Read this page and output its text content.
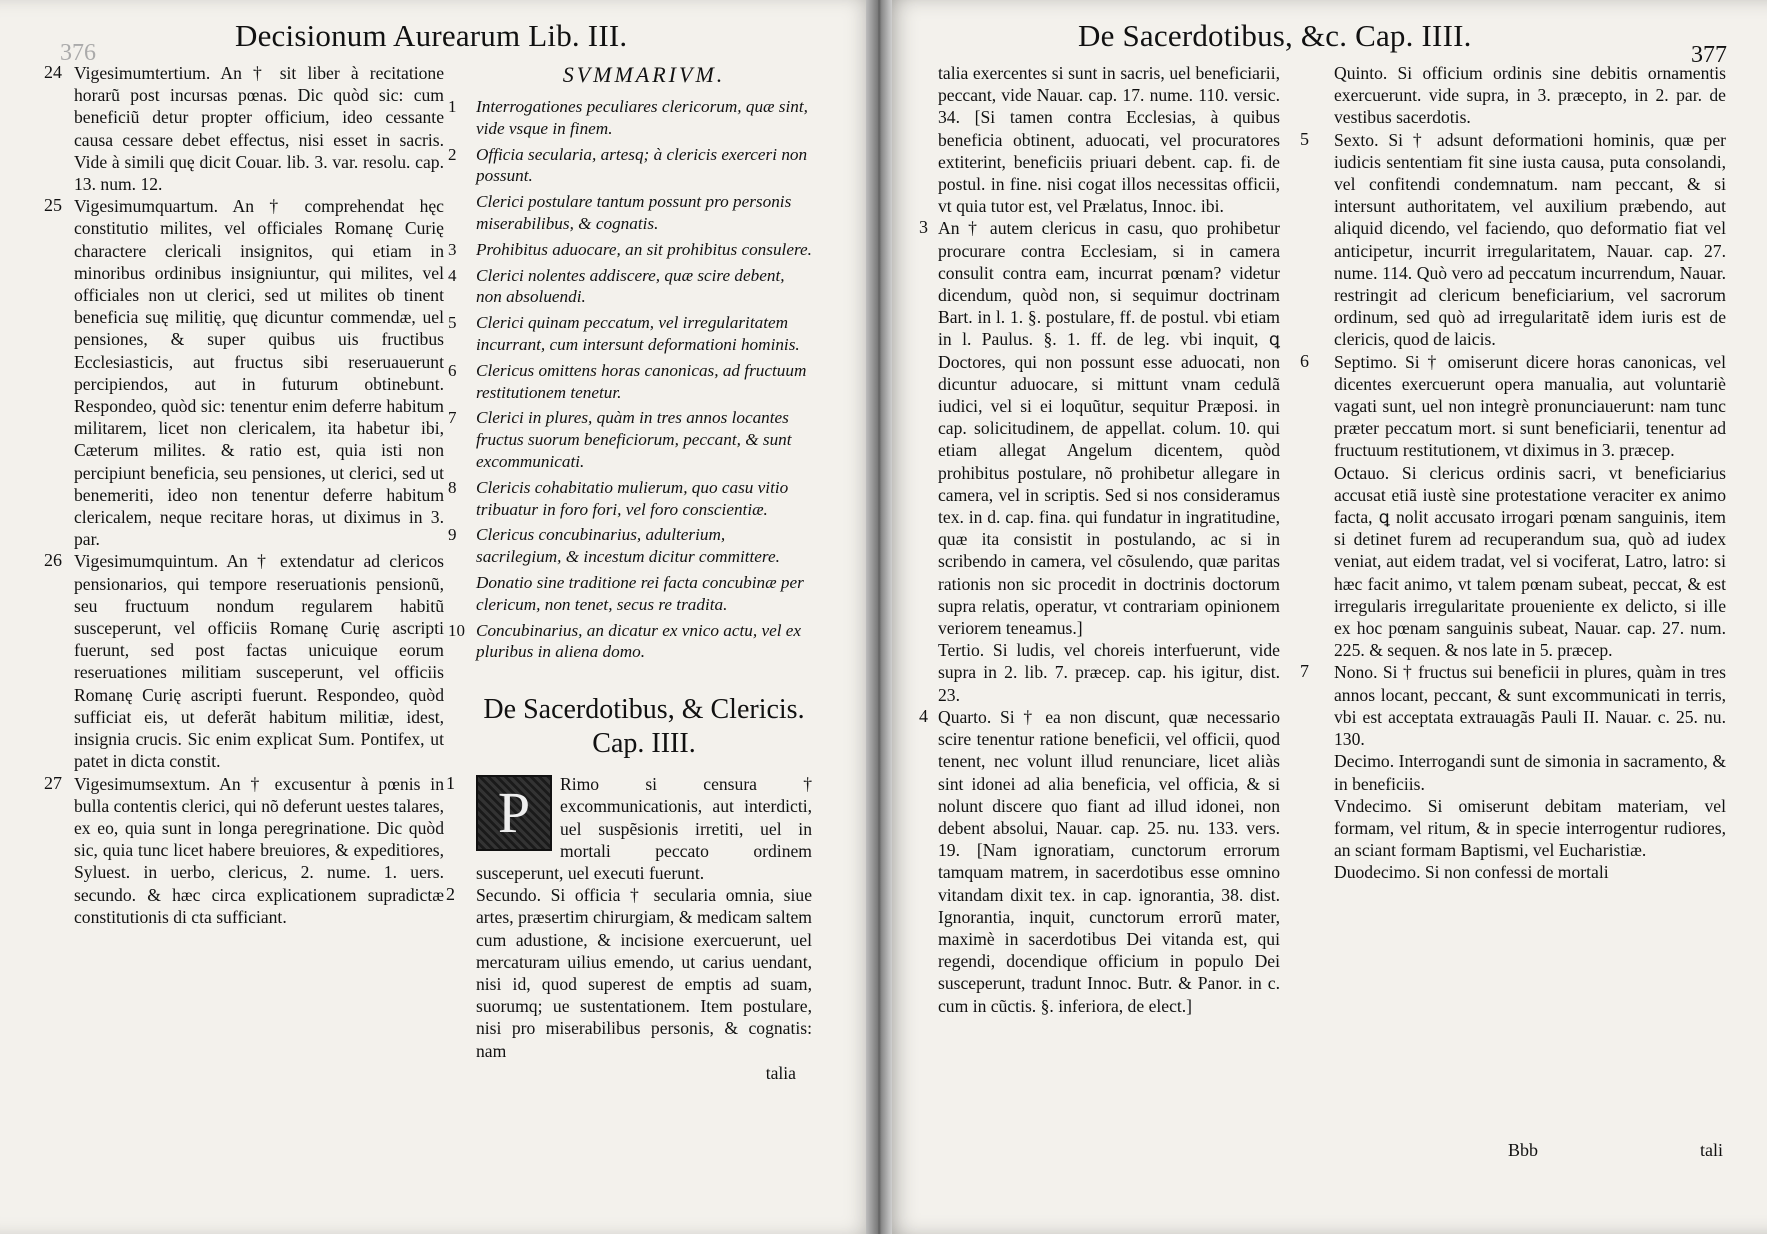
Decisionum Aurearum Lib. III.
376
24 Vigesimumtertium. An † sit liber à recitatione horarũ post incursas pœnas. Dic quòd sic: cum beneficiũ detur propter officium, ideo cessante causa cessare debet effectus, nisi esset in sacris. Vide à simili quę dicit Couar. lib. 3. var. resolu. cap. 13. num. 12.
25 Vigesimumquartum. An † comprehendat hęc constitutio milites, vel officiales Romanę Curię charactere clericali insignitos, qui etiam in minoribus ordinibus insigniuntur, qui milites, vel officiales non ut clerici, sed ut milites ob tinent beneficia suę militię, quę dicuntur commendæ, uel pensiones, & super quibus uis fructibus Ecclesiasticis, aut fructus sibi reseruauerunt percipiendos, aut in futurum obtinebunt. Respondeo, quòd sic: tenentur enim deferre habitum militarem, licet non clericalem, ita habetur ibi, Cæterum milites. & ratio est, quia isti non percipiunt beneficia, seu pensiones, ut clerici, sed ut benemeriti, ideo non tenentur deferre habitum clericalem, neque recitare horas, ut diximus in 3. par.
26 Vigesimumquintum. An † extendatur ad clericos pensionarios, qui tempore reseruationis pensionũ, seu fructuum nondum regularem habitũ susceperunt, vel officiis Romanę Curię ascripti fuerunt, sed post factas unicuique eorum reseruationes militiam susceperunt, vel officiis Romanę Curię ascripti fuerunt. Respondeo, quòd sufficiat eis, ut deferãt habitum militiæ, idest, insignia crucis. Sic enim explicat Sum. Pontifex, ut patet in dicta constit.
27 Vigesimumsextum. An † excusentur à pœnis in bulla contentis clerici, qui nõ deferunt uestes talares, ex eo, quia sunt in longa peregrinatione. Dic quòd sic, quia tunc licet habere breuiores, & expeditiores, Syluest. in uerbo, clericus, 2. nume. 1. uers. secundo. & hæc circa explicationem supradictæ constitutionis di cta sufficiant.
SVMMARIVM.
1 Interrogationes peculiares clericorum, quæ sint, vide vsque in finem.
2 Officia secularia, artesq; à clericis exerceri non possunt.
Clerici postulare tantum possunt pro personis miserabilibus, & cognatis.
3 Prohibitus aduocare, an sit prohibitus consulere.
4 Clerici nolentes addiscere, quæ scire debent, non absoluendi.
5 Clerici quinam peccatum, vel irregularitatem incurrant, cum intersunt deformationi hominis.
6 Clericus omittens horas canonicas, ad fructuum restitutionem tenetur.
7 Clerici in plures, quàm in tres annos locantes fructus suorum beneficiorum, peccant, & sunt excommunicati.
8 Clericis cohabitatio mulierum, quo casu vitio tribuatur in foro fori, vel foro conscientiæ.
9 Clericus concubinarius, adulterium, sacrilegium, & incestum dicitur committere.
Donatio sine traditione rei facta concubinæ per clericum, non tenet, secus re tradita.
10 Concubinarius, an dicatur ex vnico actu, vel ex pluribus in aliena domo.
De Sacerdotibus, & Clericis.
Cap. IIII.
1 P	Rimo si censura † excommunicationis, aut interdicti, uel suspẽsionis irretiti, uel in mortali peccato ordinem susceperunt, uel executi fuerunt.
2 Secundo. Si officia † secularia omnia, siue artes, præsertim chirurgiam, & medicam saltem cum adustione, & incisione exercuerunt, uel mercaturam uilius emendo, ut carius uendant, nisi id, quod superest de emptis ad suam, suorumq; ue sustentationem. Item postulare, nisi pro miserabilibus personis, & cognatis: nam
talia
De Sacerdotibus, &c. Cap. IIII.
377
talia exercentes si sunt in sacris, uel beneficiarii, peccant, vide Nauar. cap. 17. nume. 110. versic. 34. [Si tamen contra Ecclesias, à quibus beneficia obtinent, aduocati, vel procuratores extiterint, beneficiis priuari debent. cap. fi. de postul. in fine. nisi cogat illos necessitas officii, vt quia tutor est, vel Prælatus, Innoc. ibi.
3 An † autem clericus in casu, quo prohibetur procurare contra Ecclesiam, si in camera consulit contra eam, incurrat pœnam? videtur dicendum, quòd non, si sequimur doctrinam Bart. in l. 1. §. postulare, ff. de postul. vbi etiam in l. Paulus. §. 1. ff. de leg. vbi inquit, ꝗ Doctores, qui non possunt esse aduocati, non dicuntur aduocare, si mittunt vnam cedulã iudici, vel si ei loquũtur, sequitur Præposi. in cap. solicitudinem, de appellat. colum. 10. qui etiam allegat Angelum dicentem, quòd prohibitus postulare, nõ prohibetur allegare in camera, vel in scriptis. Sed si nos consideramus tex. in d. cap. fina. qui fundatur in ingratitudine, quæ ita consistit in postulando, ac si in scribendo in camera, vel cõsulendo, quæ paritas rationis non sic procedit in doctrinis doctorum supra relatis, operatur, vt contrariam opinionem veriorem teneamus.]
Tertio. Si ludis, vel choreis interfuerunt, vide supra in 2. lib. 7. præcep. cap. his igitur, dist. 23.
4 Quarto. Si † ea non discunt, quæ necessario scire tenentur ratione beneficii, vel officii, quod tenent, nec volunt illud renunciare, licet aliàs sint idonei ad alia beneficia, vel officia, & si nolunt discere quo fiant ad illud idonei, non debent absolui, Nauar. cap. 25. nu. 133. vers. 19. [Nam ignoratiam, cunctorum errorum tamquam matrem, in sacerdotibus esse omnino vitandam dixit tex. in cap. ignorantia, 38. dist. Ignorantia, inquit, cunctorum errorũ mater, maximè in sacerdotibus Dei vitanda est, qui regendi, docendique officium in populo Dei susceperunt, tradunt Innoc. Butr. & Panor. in c. cum in cũctis. §. inferiora, de elect.]
Quinto. Si officium ordinis sine debitis ornamentis exercuerunt. vide supra, in 3. præcepto, in 2. par. de vestibus sacerdotis.
5 Sexto. Si † adsunt deformationi hominis, quæ per iudicis sententiam fit sine iusta causa, puta consolandi, vel confitendi condemnatum. nam peccant, & si intersunt authoritatem, vel auxilium præbendo, aut aliquid dicendo, vel faciendo, quo deformatio fiat vel anticipetur, incurrit irregularitatem, Nauar. cap. 27. nume. 114. Quò vero ad peccatum incurrendum, Nauar. restringit ad clericum beneficiarium, vel sacrorum ordinum, sed quò ad irregularitatẽ idem iuris est de clericis, quod de laicis.
6 Septimo. Si † omiserunt dicere horas canonicas, vel dicentes exercuerunt opera manualia, aut voluntariè vagati sunt, uel non integrè pronunciauerunt: nam tunc præter peccatum mort. si sunt beneficiarii, tenentur ad fructuum restitutionem, vt diximus in 3. præcep.
Octauo. Si clericus ordinis sacri, vt beneficiarius accusat etiã iustè sine protestatione veraciter ex animo facta, ꝗ nolit accusato irrogari pœnam sanguinis, item si detinet furem ad recuperandum sua, quò ad iudex veniat, aut eidem tradat, vel si vociferat, Latro, latro: si hæc facit animo, vt talem pœnam subeat, peccat, & est irregularis irregularitate proueniente ex delicto, si ille ex hoc pœnam sanguinis subeat, Nauar. cap. 27. num. 225. & sequen. & nos late in 5. præcep.
7 Nono. Si † fructus sui beneficii in plures, quàm in tres annos locant, peccant, & sunt excommunicati in terris, vbi est acceptata extrauagãs Pauli II. Nauar. c. 25. nu. 130.
Decimo. Interrogandi sunt de simonia in sacramento, & in beneficiis.
Vndecimo. Si omiserunt debitam materiam, vel formam, vel ritum, & in specie interrogentur rudiores, an sciant formam Baptismi, vel Eucharistiæ.
Duodecimo. Si non confessi de mortali
Bbb	tali
